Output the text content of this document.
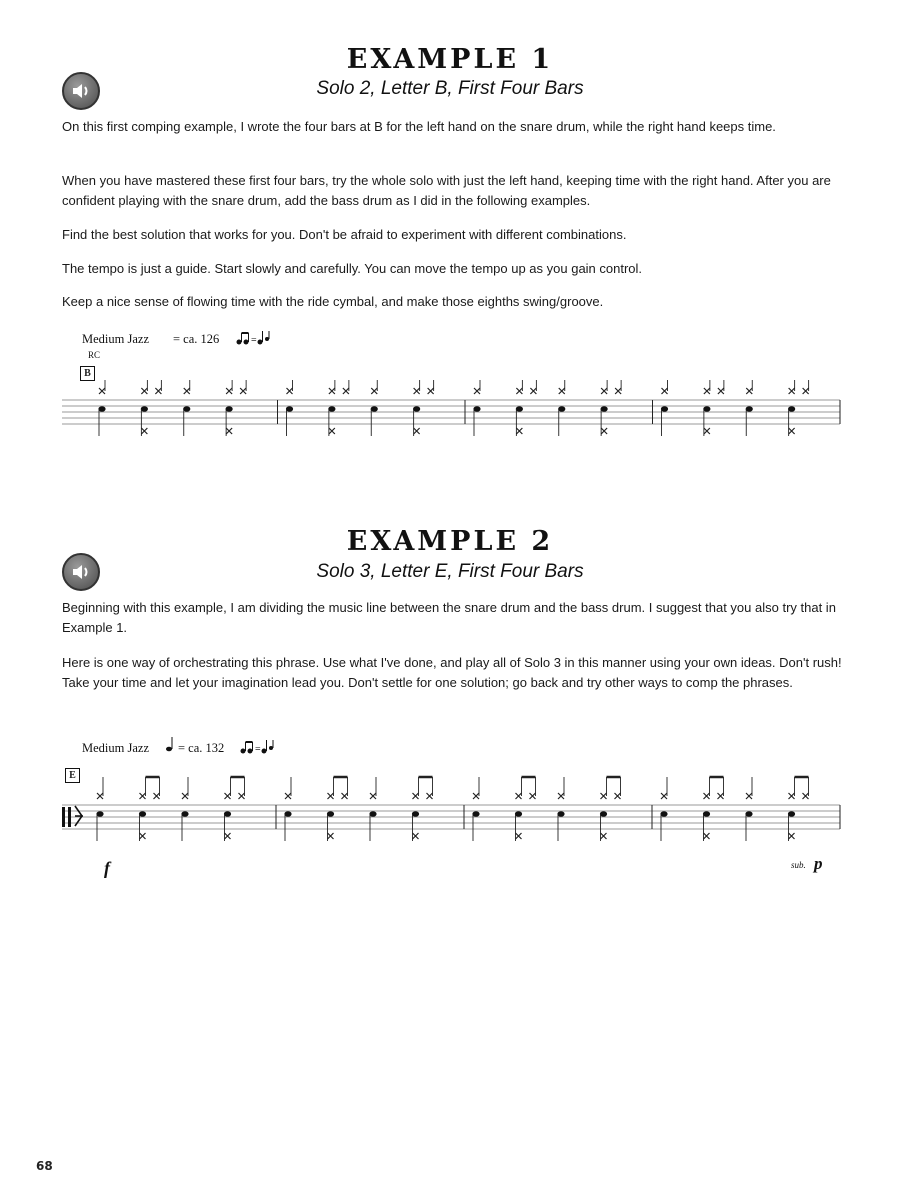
EXAMPLE 1
Solo 2, Letter B, First Four Bars

On this first comping example, I wrote the four bars at B for the left hand on the snare drum, while the right hand keeps time.

When you have mastered these first four bars, try the whole solo with just the left hand, keeping time with the right hand. After you are confident playing with the snare drum, add the bass drum as I did in the following examples.

Find the best solution that works for you. Don't be afraid to experiment with different combinations.

The tempo is just a guide. Start slowly and carefully. You can move the tempo up as you gain control.

Keep a nice sense of flowing time with the ride cymbal, and make those eighths swing/groove.

Medium Jazz = ca. 126	=
RC
B
EXAMPLE 2
Solo 3, Letter E, First Four Bars

Beginning with this example, I am dividing the music line between the snare drum and the bass drum. I suggest that you also try that in Example 1.

Here is one way of orchestrating this phrase. Use what I've done, and play all of Solo 3 in this manner using your own ideas. Don't rush! Take your time and let your imagination lead you. Don't settle for one solution; go back and try other ways to comp the phrases.

Medium Jazz = ca. 132	=
E
f	sub. p
68
